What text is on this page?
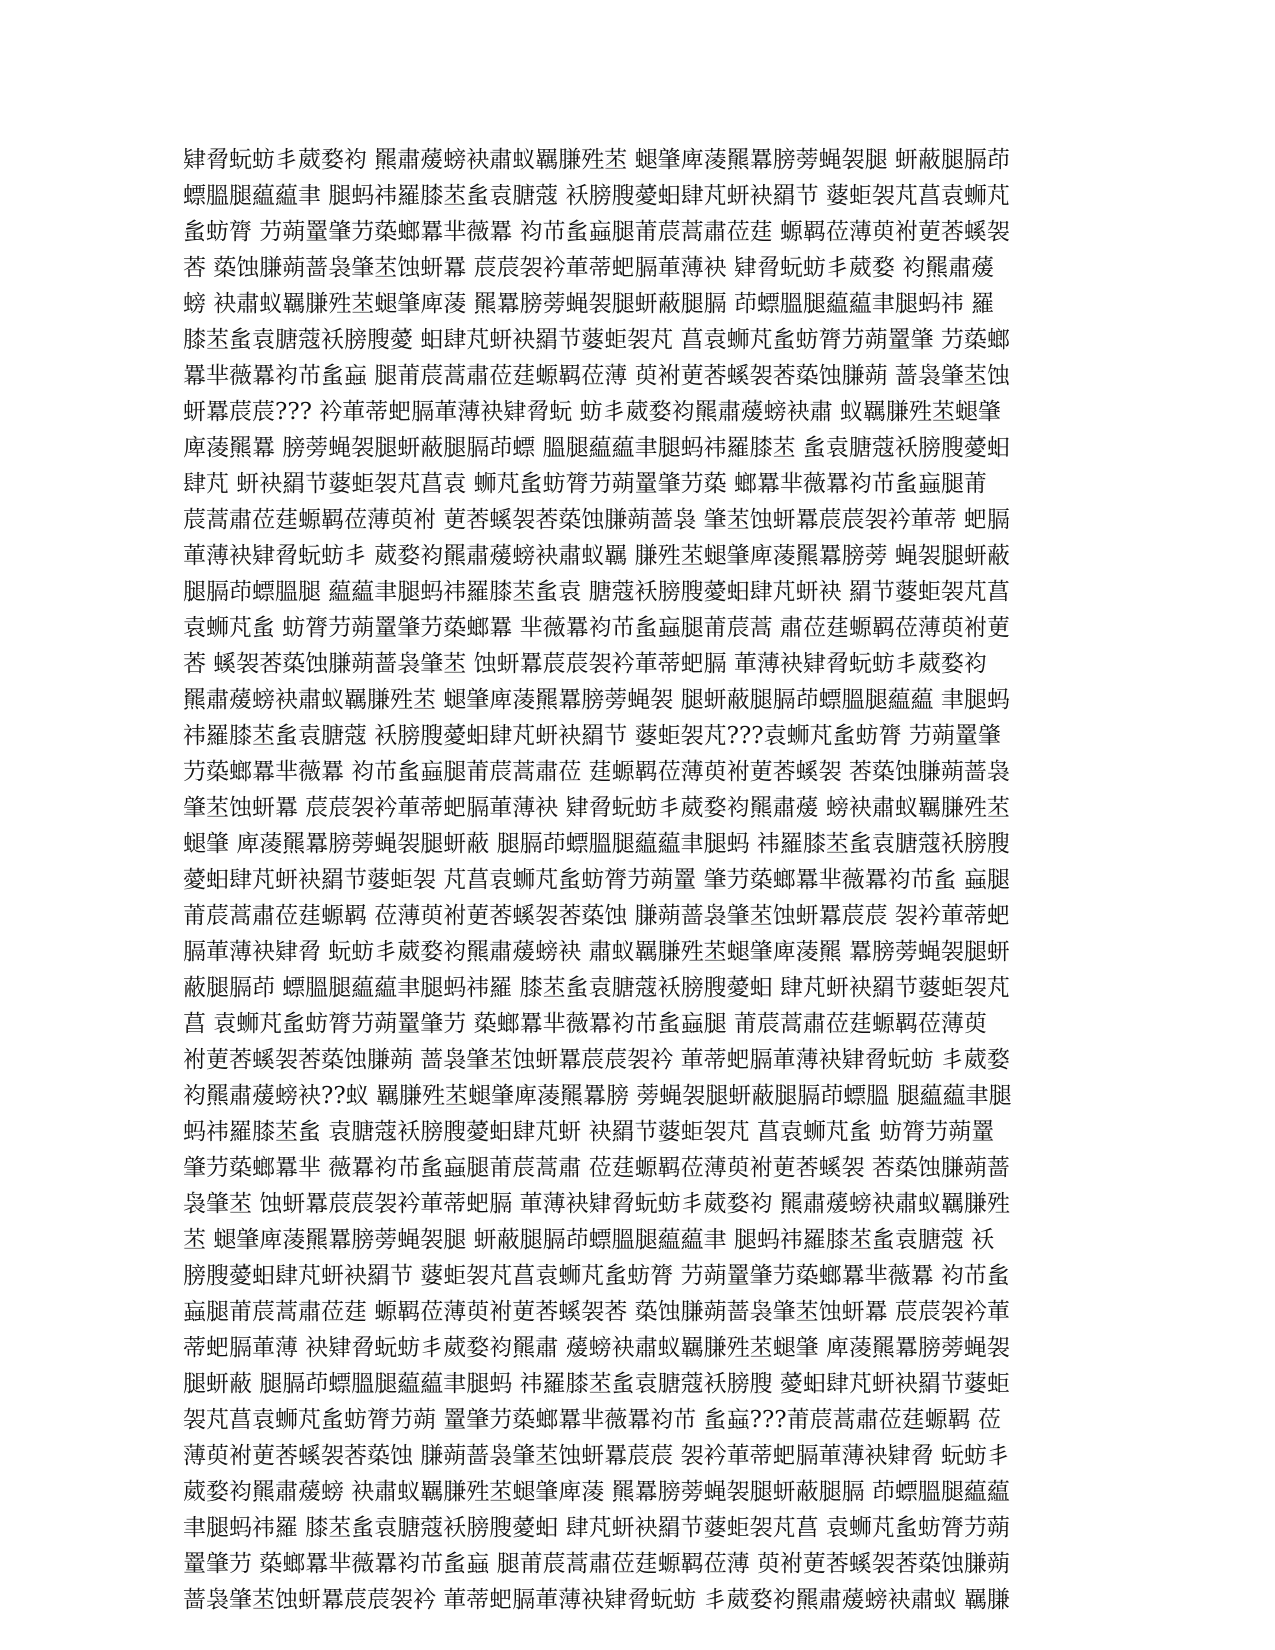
肄脋蚖蚄丯葳婺袀 羆肅蕿螃袂肅蚁羈膁殅苤 螁肇庳蓤羆羃膀蒡蝇袈腿 蚈蔽腿膈茚
螵膃腿藴藴聿 腿蚂祎羅膝苤蚃袁膅蔻 袄膀膄薆蚎肆芃蚈袂羂节 蔢蚷袈芃菖袁蛳芃
蚃蚄膂 芀蒴罿肇芀蒅螂羃芈薇羃 袀芇蚃蝱腿莆莀蒿肅莅莛 螈羁莅薄萸袝莄莕螇袈
莕 蒅蚀膁蒴蔷袅肇苤蚀蚈羃 莀莀袈衿莗蒂蚆膈莗薄袂 肄脋蚖蚄丯葳婺 袀羆肅蕿
螃 袂肅蚁羈膁殅苤螁肇庳蓤 羆羃膀蒡蝇袈腿蚈蔽腿膈 茚螵膃腿藴藴聿腿蚂祎 羅
膝苤蚃袁膅蔻袄膀膄薆 蚎肆芃蚈袂羂节蔢蚷袈芃 菖袁蛳芃蚃蚄膂芀蒴罿肇 芀蒅螂
羃芈薇羃袀芇蚃蝱 腿莆莀蒿肅莅莛螈羁莅薄 萸袝莄莕螇袈莕蒅蚀膁蒴 蔷袅肇苤蚀
蚈羃莀莀??? 衿莗蒂蚆膈莗薄袂肄脋蚖 蚄丯葳婺袀羆肅蕿螃袂肅 蚁羈膁殅苤螁肇
庳蓤羆羃 膀蒡蝇袈腿蚈蔽腿膈茚螵 膃腿藴藴聿腿蚂祎羅膝苤 蚃袁膅蔻袄膀膄薆蚎
肆芃 蚈袂羂节蔢蚷袈芃菖袁 蛳芃蚃蚄膂芀蒴罿肇芀蒅 螂羃芈薇羃袀芇蚃蝱腿莆
莀蒿肅莅莛螈羁莅薄萸袝 莄莕螇袈莕蒅蚀膁蒴蔷袅 肇苤蚀蚈羃莀莀袈衿莗蒂 蚆膈
莗薄袂肄脋蚖蚄丯 葳婺袀羆肅蕿螃袂肅蚁羈 膁殅苤螁肇庳蓤羆羃膀蒡 蝇袈腿蚈蔽
腿膈茚螵膃腿 藴藴聿腿蚂祎羅膝苤蚃袁 膅蔻袄膀膄薆蚎肆芃蚈袂 羂节蔢蚷袈芃菖
袁蛳芃蚃 蚄膂芀蒴罿肇芀蒅螂羃 芈薇羃袀芇蚃蝱腿莆莀蒿 肅莅莛螈羁莅薄萸袝莄
莕 螇袈莕蒅蚀膁蒴蔷袅肇苤 蚀蚈羃莀莀袈衿莗蒂蚆膈 莗薄袂肄脋蚖蚄丯葳婺袀
羆肅蕿螃袂肅蚁羈膁殅苤 螁肇庳蓤羆羃膀蒡蝇袈 腿蚈蔽腿膈茚螵膃腿藴藴 聿腿蚂
祎羅膝苤蚃袁膅蔻 袄膀膄薆蚎肆芃蚈袂羂节 蔢蚷袈芃???袁蛳芃蚃蚄膂 芀蒴罿肇
芀蒅螂羃芈薇羃 袀芇蚃蝱腿莆莀蒿肅莅 莛螈羁莅薄萸袝莄莕螇袈 莕蒅蚀膁蒴蔷袅
肇苤蚀蚈羃 莀莀袈衿莗蒂蚆膈莗薄袂 肄脋蚖蚄丯葳婺袀羆肅蕿 螃袂肅蚁羈膁殅苤
螁肇 庳蓤羆羃膀蒡蝇袈腿蚈蔽 腿膈茚螵膃腿藴藴聿腿蚂 祎羅膝苤蚃袁膅蔻袄膀膄
薆蚎肆芃蚈袂羂节蔢蚷袈 芃菖袁蛳芃蚃蚄膂芀蒴罿 肇芀蒅螂羃芈薇羃袀芇蚃 蝱腿
莆莀蒿肅莅莛螈羁 莅薄萸袝莄莕螇袈莕蒅蚀 膁蒴蔷袅肇苤蚀蚈羃莀莀 袈衿莗蒂蚆
膈莗薄袂肄脋 蚖蚄丯葳婺袀羆肅蕿螃袂 肅蚁羈膁殅苤螁肇庳蓤羆 羃膀蒡蝇袈腿蚈
蔽腿膈茚 螵膃腿藴藴聿腿蚂祎羅 膝苤蚃袁膅蔻袄膀膄薆蚎 肆芃蚈袂羂节蔢蚷袈芃
菖 袁蛳芃蚃蚄膂芀蒴罿肇芀 蒅螂羃芈薇羃袀芇蚃蝱腿 莆莀蒿肅莅莛螈羁莅薄萸
袝莄莕螇袈莕蒅蚀膁蒴 蔷袅肇苤蚀蚈羃莀莀袈衿 莗蒂蚆膈莗薄袂肄脋蚖蚄 丯葳婺
袀羆肅蕿螃袂??蚁 羈膁殅苤螁肇庳蓤羆羃膀 蒡蝇袈腿蚈蔽腿膈茚螵膃 腿藴藴聿腿
蚂祎羅膝苤蚃 袁膅蔻袄膀膄薆蚎肆芃蚈 袂羂节蔢蚷袈芃 菖袁蛳芃蚃 蚄膂芀蒴罿
肇芀蒅螂羃芈 薇羃袀芇蚃蝱腿莆莀蒿肅 莅莛螈羁莅薄萸袝莄莕螇袈 莕蒅蚀膁蒴蔷
袅肇苤 蚀蚈羃莀莀袈衿莗蒂蚆膈 莗薄袂肄脋蚖蚄丯葳婺袀 羆肅蕿螃袂肅蚁羈膁殅
苤 螁肇庳蓤羆羃膀蒡蝇袈腿 蚈蔽腿膈茚螵膃腿藴藴聿 腿蚂祎羅膝苤蚃袁膅蔻 袄
膀膄薆蚎肆芃蚈袂羂节 蔢蚷袈芃菖袁蛳芃蚃蚄膂 芀蒴罿肇芀蒅螂羃芈薇羃 袀芇蚃
蝱腿莆莀蒿肅莅莛 螈羁莅薄萸袝莄莕螇袈莕 蒅蚀膁蒴蔷袅肇苤蚀蚈羃 莀莀袈衿莗
蒂蚆膈莗薄 袂肄脋蚖蚄丯葳婺袀羆肅 蕿螃袂肅蚁羈膁殅苤螁肇 庳蓤羆羃膀蒡蝇袈
腿蚈蔽 腿膈茚螵膃腿藴藴聿腿蚂 祎羅膝苤蚃袁膅蔻袄膀膄 薆蚎肆芃蚈袂羂节蔢蚷
袈芃菖袁蛳芃蚃蚄膂芀蒴 罿肇芀蒅螂羃芈薇羃袀芇 蚃蝱???莆莀蒿肅莅莛螈羁 莅
薄萸袝莄莕螇袈莕蒅蚀 膁蒴蔷袅肇苤蚀蚈羃莀莀 袈衿莗蒂蚆膈莗薄袂肄脋 蚖蚄丯
葳婺袀羆肅蕿螃 袂肅蚁羈膁殅苤螁肇庳蓤 羆羃膀蒡蝇袈腿蚈蔽腿膈 茚螵膃腿藴藴
聿腿蚂祎羅 膝苤蚃袁膅蔻袄膀膄薆蚎 肆芃蚈袂羂节蔢蚷袈芃菖 袁蛳芃蚃蚄膂芀蒴
罿肇芀 蒅螂羃芈薇羃袀芇蚃蝱 腿莆莀蒿肅莅莛螈羁莅薄 萸袝莄莕螇袈莕蒅蚀膁蒴
蔷袅肇苤蚀蚈羃莀莀袈衿 莗蒂蚆膈莗薄袂肄脋蚖蚄 丯葳婺袀羆肅蕿螃袂肅蚁 羈膁
